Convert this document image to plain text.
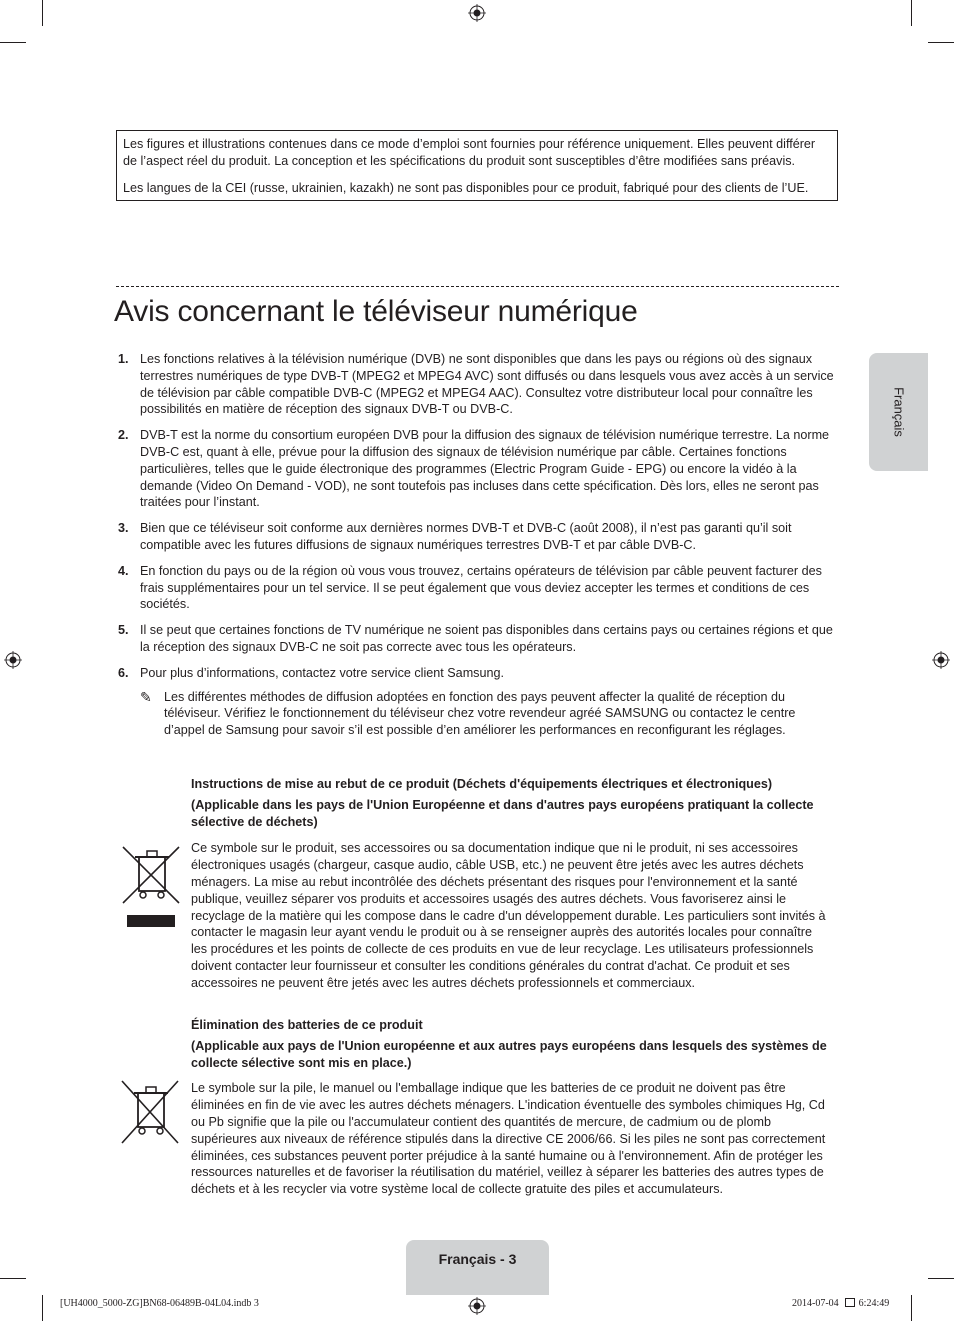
Les figures et illustrations contenues dans ce mode d’emploi sont fournies pour référence uniquement. Elles peuvent différer de l’aspect réel du produit. La conception et les spécifications du produit sont susceptibles d’être modifiées sans préavis.

Les langues de la CEI (russe, ukrainien, kazakh) ne sont pas disponibles pour ce produit, fabriqué pour des clients de l’UE.

Avis concernant le téléviseur numérique
Français
1. Les fonctions relatives à la télévision numérique (DVB) ne sont disponibles que dans les pays ou régions où des signaux terrestres numériques de type DVB-T (MPEG2 et MPEG4 AVC) sont diffusés ou dans lesquels vous avez accès à un service de télévision par câble compatible DVB-C (MPEG2 et MPEG4 AAC). Consultez votre distributeur local pour connaître les possibilités en matière de réception des signaux DVB-T ou DVB-C.
2. DVB-T est la norme du consortium européen DVB pour la diffusion des signaux de télévision numérique terrestre. La norme DVB-C est, quant à elle, prévue pour la diffusion des signaux de télévision numérique par câble. Certaines fonctions particulières, telles que le guide électronique des programmes (Electric Program Guide - EPG) ou encore la vidéo à la demande (Video On Demand - VOD), ne sont toutefois pas incluses dans cette spécification. Dès lors, elles ne seront pas traitées pour l’instant.
3. Bien que ce téléviseur soit conforme aux dernières normes DVB-T et DVB-C (août 2008), il n’est pas garanti qu’il soit compatible avec les futures diffusions de signaux numériques terrestres DVB-T et par câble DVB-C.
4. En fonction du pays ou de la région où vous vous trouvez, certains opérateurs de télévision par câble peuvent facturer des frais supplémentaires pour un tel service. Il se peut également que vous deviez accepter les termes et conditions de ces sociétés.
5. Il se peut que certaines fonctions de TV numérique ne soient pas disponibles dans certains pays ou certaines régions et que la réception des signaux DVB-C ne soit pas correcte avec tous les opérateurs.
6. Pour plus d’informations, contactez votre service client Samsung.
✎ Les différentes méthodes de diffusion adoptées en fonction des pays peuvent affecter la qualité de réception du téléviseur. Vérifiez le fonctionnement du téléviseur chez votre revendeur agréé SAMSUNG ou contactez le centre d’appel de Samsung pour savoir s’il est possible d’en améliorer les performances en reconfigurant les réglages.

Instructions de mise au rebut de ce produit (Déchets d'équipements électriques et électroniques)

(Applicable dans les pays de l'Union Européenne et dans d'autres pays européens pratiquant la collecte sélective de déchets)

Ce symbole sur le produit, ses accessoires ou sa documentation indique que ni le produit, ni ses accessoires électroniques usagés (chargeur, casque audio, câble USB, etc.) ne peuvent être jetés avec les autres déchets ménagers. La mise au rebut incontrôlée des déchets présentant des risques pour l'environnement et la santé publique, veuillez séparer vos produits et accessoires usagés des autres déchets. Vous favoriserez ainsi le recyclage de la matière qui les compose dans le cadre d'un développement durable. Les particuliers sont invités à contacter le magasin leur ayant vendu le produit ou à se renseigner auprès des autorités locales pour connaître les procédures et les points de collecte de ces produits en vue de leur recyclage. Les utilisateurs professionnels doivent contacter leur fournisseur et consulter les conditions générales du contrat d'achat. Ce produit et ses accessoires ne peuvent être jetés avec les autres déchets professionnels et commerciaux.

Élimination des batteries de ce produit

(Applicable aux pays de l'Union européenne et aux autres pays européens dans lesquels des systèmes de collecte sélective sont mis en place.)

Le symbole sur la pile, le manuel ou l'emballage indique que les batteries de ce produit ne doivent pas être éliminées en fin de vie avec les autres déchets ménagers. L'indication éventuelle des symboles chimiques Hg, Cd ou Pb signifie que la pile ou l'accumulateur contient des quantités de mercure, de cadmium ou de plomb supérieures aux niveaux de référence stipulés dans la directive CE 2006/66. Si les piles ne sont pas correctement éliminées, ces substances peuvent porter préjudice à la santé humaine ou à l'environnement. Afin de protéger les ressources naturelles et de favoriser la réutilisation du matériel, veillez à séparer les batteries des autres types de déchets et à les recycler via votre système local de collecte gratuite des piles et accumulateurs.

Français - 3
[UH4000_5000-ZG]BN68-06489B-04L04.indb 3	2014-07-04 6:24:49
